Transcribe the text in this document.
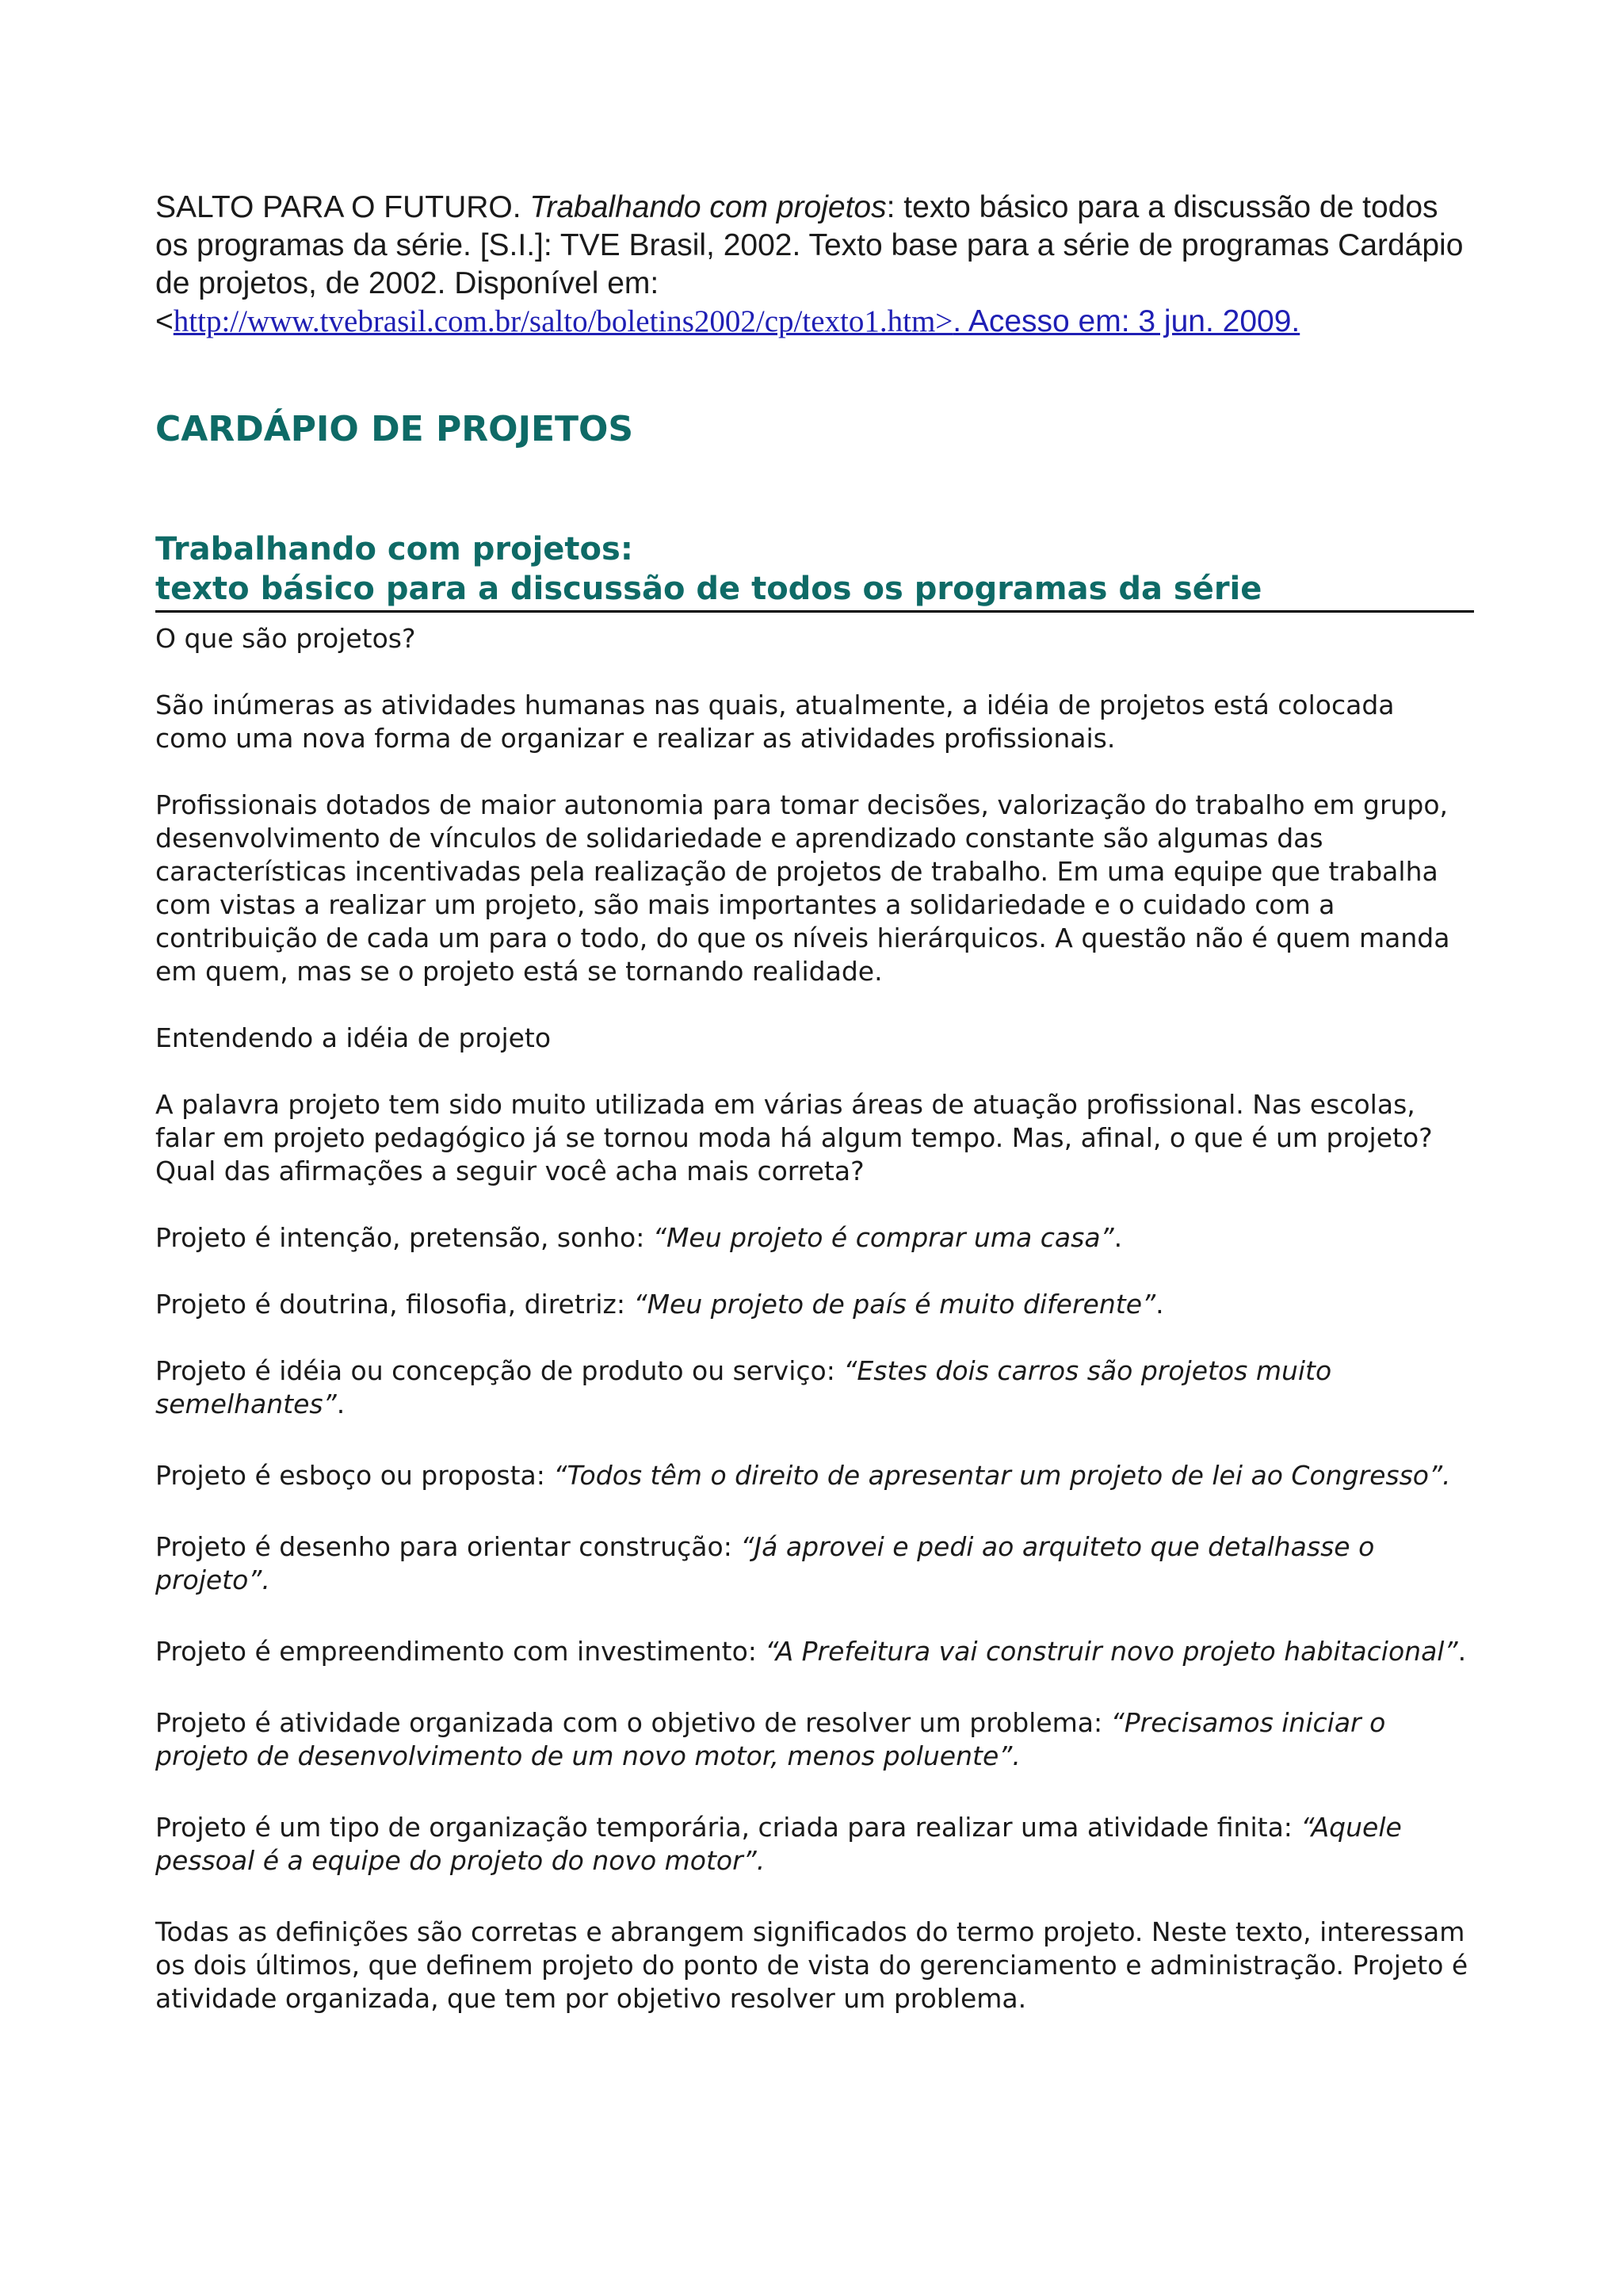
SALTO PARA O FUTURO. Trabalhando com projetos: texto básico para a discussão de todos os programas da série. [S.I.]: TVE Brasil, 2002. Texto base para a série de programas Cardápio de projetos, de 2002. Disponível em:
<http://www.tvebrasil.com.br/salto/boletins2002/cp/texto1.htm>. Acesso em: 3 jun. 2009.
CARDÁPIO DE PROJETOS
Trabalhando com projetos:
texto básico para a discussão de todos os programas da série

O que são projetos?

São inúmeras as atividades humanas nas quais, atualmente, a idéia de projetos está colocada como uma nova forma de organizar e realizar as atividades profissionais.

Profissionais dotados de maior autonomia para tomar decisões, valorização do trabalho em grupo, desenvolvimento de vínculos de solidariedade e aprendizado constante são algumas das características incentivadas pela realização de projetos de trabalho. Em uma equipe que trabalha com vistas a realizar um projeto, são mais importantes a solidariedade e o cuidado com a contribuição de cada um para o todo, do que os níveis hierárquicos. A questão não é quem manda em quem, mas se o projeto está se tornando realidade.

Entendendo a idéia de projeto

A palavra projeto tem sido muito utilizada em várias áreas de atuação profissional. Nas escolas, falar em projeto pedagógico já se tornou moda há algum tempo. Mas, afinal, o que é um projeto? Qual das afirmações a seguir você acha mais correta?

Projeto é intenção, pretensão, sonho: “Meu projeto é comprar uma casa”.

Projeto é doutrina, filosofia, diretriz: “Meu projeto de país é muito diferente”.

Projeto é idéia ou concepção de produto ou serviço: “Estes dois carros são projetos muito semelhantes”.

Projeto é esboço ou proposta: “Todos têm o direito de apresentar um projeto de lei ao Congresso”.

Projeto é desenho para orientar construção: “Já aprovei e pedi ao arquiteto que detalhasse o projeto”.

Projeto é empreendimento com investimento: “A Prefeitura vai construir novo projeto habitacional”.

Projeto é atividade organizada com o objetivo de resolver um problema: “Precisamos iniciar o projeto de desenvolvimento de um novo motor, menos poluente”.

Projeto é um tipo de organização temporária, criada para realizar uma atividade finita: “Aquele pessoal é a equipe do projeto do novo motor”.

Todas as definições são corretas e abrangem significados do termo projeto. Neste texto, interessam os dois últimos, que definem projeto do ponto de vista do gerenciamento e administração. Projeto é atividade organizada, que tem por objetivo resolver um problema.
